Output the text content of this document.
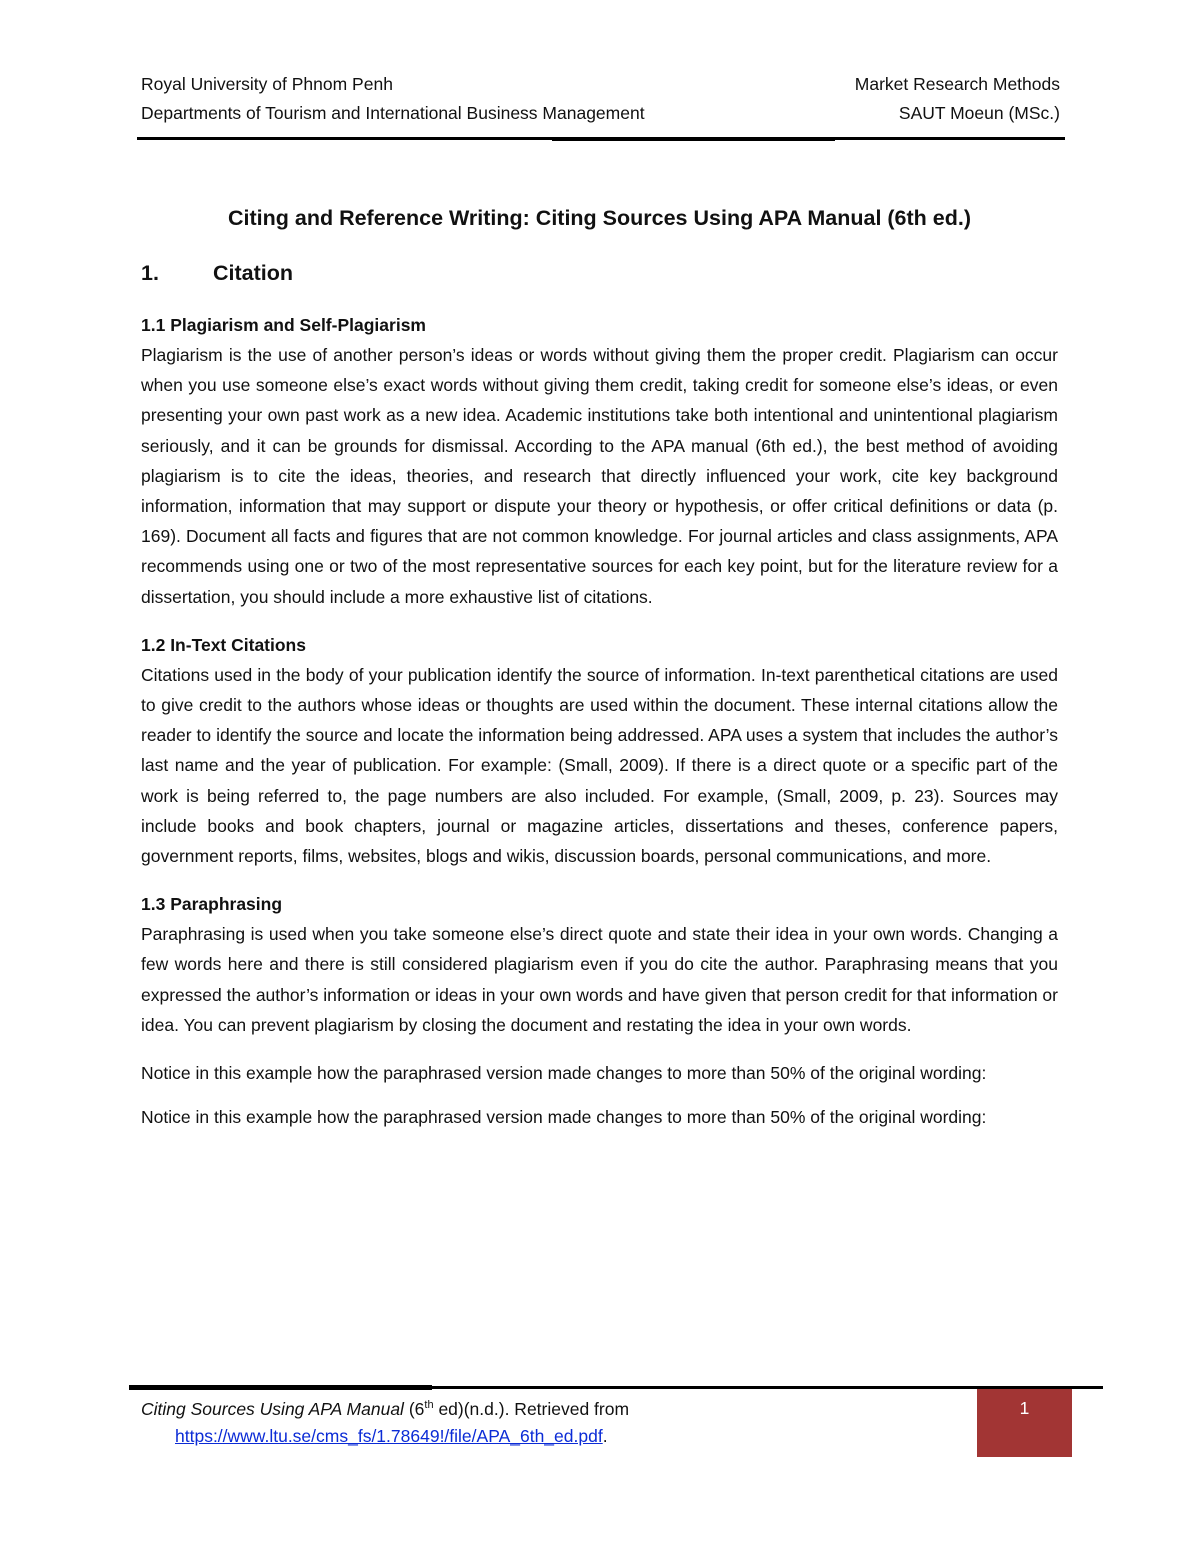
Royal University of Phnom Penh	Market Research Methods
Departments of Tourism and International Business Management	SAUT Moeun (MSc.)
Citing and Reference Writing: Citing Sources Using APA Manual (6th ed.)
1.	Citation
1.1 Plagiarism and Self-Plagiarism

Plagiarism is the use of another person’s ideas or words without giving them the proper credit. Plagiarism can occur when you use someone else’s exact words without giving them credit, taking credit for someone else’s ideas, or even presenting your own past work as a new idea. Academic institutions take both intentional and unintentional plagiarism seriously, and it can be grounds for dismissal. According to the APA manual (6th ed.), the best method of avoiding plagiarism is to cite the ideas, theories, and research that directly influenced your work, cite key background information, information that may support or dispute your theory or hypothesis, or offer critical definitions or data (p. 169). Document all facts and figures that are not common knowledge. For journal articles and class assignments, APA recommends using one or two of the most representative sources for each key point, but for the literature review for a dissertation, you should include a more exhaustive list of citations.

1.2 In-Text Citations

Citations used in the body of your publication identify the source of information. In-text parenthetical citations are used to give credit to the authors whose ideas or thoughts are used within the document. These internal citations allow the reader to identify the source and locate the information being addressed. APA uses a system that includes the author’s last name and the year of publication. For example: (Small, 2009). If there is a direct quote or a specific part of the work is being referred to, the page numbers are also included. For example, (Small, 2009, p. 23). Sources may include books and book chapters, journal or magazine articles, dissertations and theses, conference papers, government reports, films, websites, blogs and wikis, discussion boards, personal communications, and more.

1.3 Paraphrasing

Paraphrasing is used when you take someone else’s direct quote and state their idea in your own words. Changing a few words here and there is still considered plagiarism even if you do cite the author. Paraphrasing means that you expressed the author’s information or ideas in your own words and have given that person credit for that information or idea. You can prevent plagiarism by closing the document and restating the idea in your own words.

Notice in this example how the paraphrased version made changes to more than 50% of the original wording:

Notice in this example how the paraphrased version made changes to more than 50% of the original wording:

Citing Sources Using APA Manual (6th ed)(n.d.). Retrieved from
https://www.ltu.se/cms_fs/1.78649!/file/APA_6th_ed.pdf.
1
